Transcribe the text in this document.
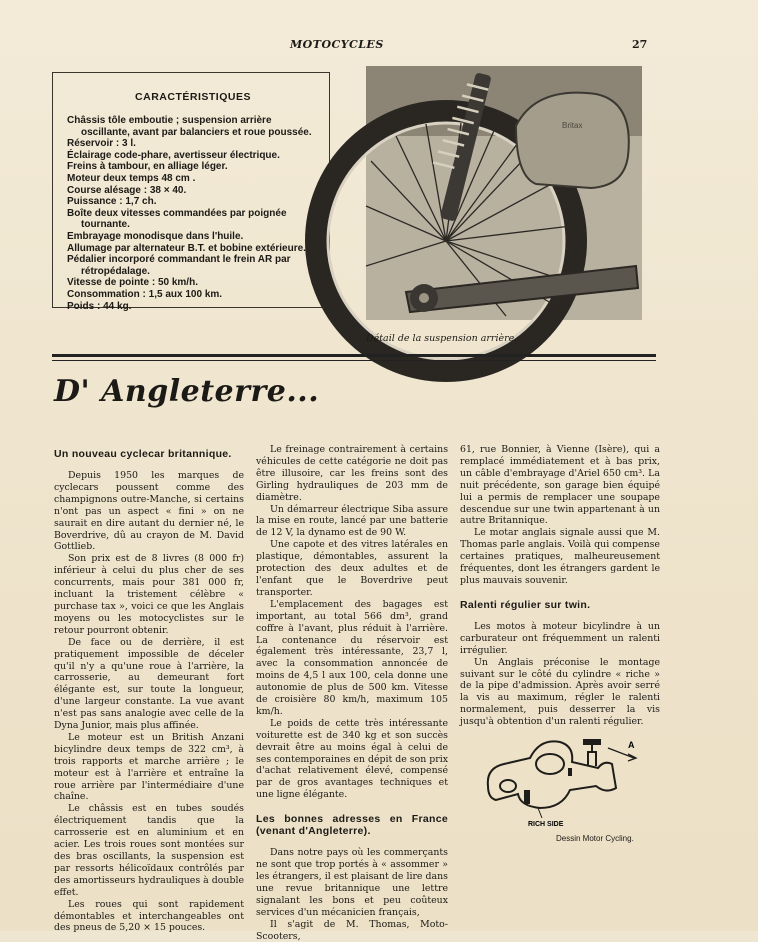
MOTOCYCLES	27
CARACTÉRISTIQUES
Châssis tôle emboutie ; suspension arrière oscillante, avant par balanciers et roue poussée.
Réservoir : 3 l.
Éclairage code-phare, avertisseur électrique.
Freins à tambour, en alliage léger.
Moteur deux temps 48 cm .
Course alésage : 38 × 40.
Puissance : 1,7 ch.
Boîte deux vitesses commandées par poignée tournante.
Embrayage monodisque dans l'huile.
Allumage par alternateur B.T. et bobine extérieure.
Pédalier incorporé commandant le frein AR par rétropédalage.
Vitesse de pointe : 50 km/h.
Consommation : 1,5 aux 100 km.
Poids : 44 kg.
Britax
Détail de la suspension arrière.
D' Angleterre...
Un nouveau cyclecar britannique.

Depuis 1950 les marques de cyclecars poussent comme des champignons outre-Manche, si certains n'ont pas un aspect « fini » on ne saurait en dire autant du dernier né, le Boverdrive, dû au crayon de M. David Gottlieb.

Son prix est de 8 livres (8 000 fr) inférieur à celui du plus cher de ses concurrents, mais pour 381 000 fr, incluant la tristement célèbre « purchase tax », voici ce que les Anglais moyens ou les motocyclistes sur le retour pourront obtenir.

De face ou de derrière, il est pratiquement impossible de déceler qu'il n'y a qu'une roue à l'arrière, la carrosserie, au demeurant fort élégante est, sur toute la longueur, d'une largeur constante. La vue avant n'est pas sans analogie avec celle de la Dyna Junior, mais plus affinée.

Le moteur est un British Anzani bicylindre deux temps de 322 cm³, à trois rapports et marche arrière ; le moteur est à l'arrière et entraîne la roue arrière par l'intermédiaire d'une chaîne.

Le châssis est en tubes soudés électriquement tandis que la carrosserie est en aluminium et en acier. Les trois roues sont montées sur des bras oscillants, la suspension est par ressorts hélicoïdaux contrôlés par des amortisseurs hydrauliques à double effet.

Les roues qui sont rapidement démontables et interchangeables ont des pneus de 5,20 × 15 pouces.

Le freinage contrairement à certains véhicules de cette catégorie ne doit pas être illusoire, car les freins sont des Girling hydrauliques de 203 mm de diamètre.

Un démarreur électrique Siba assure la mise en route, lancé par une batterie de 12 V, la dynamo est de 90 W.

Une capote et des vitres latérales en plastique, démontables, assurent la protection des deux adultes et de l'enfant que le Boverdrive peut transporter.

L'emplacement des bagages est important, au total 566 dm³, grand coffre à l'avant, plus réduit à l'arrière. La contenance du réservoir est également très intéressante, 23,7 l, avec la consommation annoncée de moins de 4,5 l aux 100, cela donne une autonomie de plus de 500 km. Vitesse de croisière 80 km/h, maximum 105 km/h.

Le poids de cette très intéressante voiturette est de 340 kg et son succès devrait être au moins égal à celui de ses contemporaines en dépit de son prix d'achat relativement élevé, compensé par de gros avantages techniques et une ligne élégante.

Les bonnes adresses en France (venant d'Angleterre).

Dans notre pays où les commerçants ne sont que trop portés à « assommer » les étrangers, il est plaisant de lire dans une revue britannique une lettre signalant les bons et peu coûteux services d'un mécanicien français,

Il s'agit de M. Thomas, Moto-Scooters,

61, rue Bonnier, à Vienne (Isère), qui a remplacé immédiatement et à bas prix, un câble d'embrayage d'Ariel 650 cm³. La nuit précédente, son garage bien équipé lui a permis de remplacer une soupape descendue sur une twin appartenant à un autre Britannique.

Le motar anglais signale aussi que M. Thomas parle anglais. Voilà qui compense certaines pratiques, malheureusement fréquentes, dont les étrangers gardent le plus mauvais souvenir.

Ralenti régulier sur twin.

Les motos à moteur bicylindre à un carburateur ont fréquemment un ralenti irrégulier.

Un Anglais préconise le montage suivant sur le côté du cylindre « riche » de la pipe d'admission. Après avoir serré la vis au maximum, régler le ralenti normalement, puis desserrer la vis jusqu'à obtention d'un ralenti régulier.

A
RICH SIDE
Dessin Motor Cycling.
